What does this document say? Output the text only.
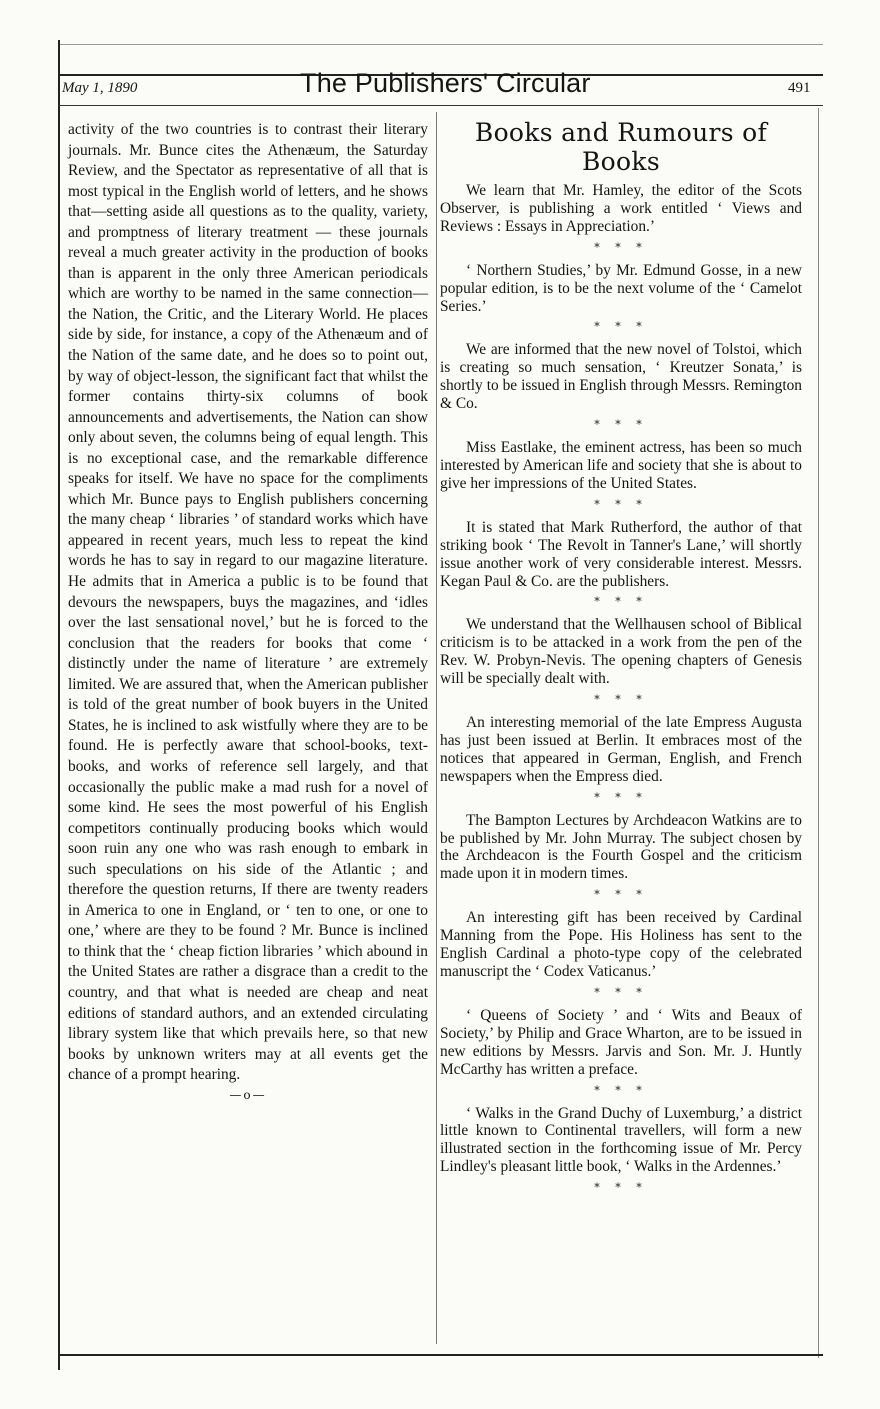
May 1, 1890	The Publishers' Circular	491

activity of the two countries is to contrast their literary journals. Mr. Bunce cites the Athenæum, the Saturday Review, and the Spectator as representative of all that is most typical in the English world of letters, and he shows that—setting aside all questions as to the quality, variety, and promptness of literary treatment — these journals reveal a much greater activity in the production of books than is apparent in the only three American periodicals which are worthy to be named in the same connection—the Nation, the Critic, and the Literary World. He places side by side, for instance, a copy of the Athenæum and of the Nation of the same date, and he does so to point out, by way of object-lesson, the significant fact that whilst the former contains thirty-six columns of book announcements and advertisements, the Nation can show only about seven, the columns being of equal length. This is no exceptional case, and the remarkable difference speaks for itself. We have no space for the compliments which Mr. Bunce pays to English publishers concerning the many cheap ‘ libraries ’ of standard works which have appeared in recent years, much less to repeat the kind words he has to say in regard to our magazine literature. He admits that in America a public is to be found that devours the newspapers, buys the magazines, and ‘idles over the last sensational novel,’ but he is forced to the conclusion that the readers for books that come ‘ distinctly under the name of literature ’ are extremely limited. We are assured that, when the American publisher is told of the great number of book buyers in the United States, he is inclined to ask wistfully where they are to be found. He is perfectly aware that school-books, text-books, and works of reference sell largely, and that occasionally the public make a mad rush for a novel of some kind. He sees the most powerful of his English competitors continually producing books which would soon ruin any one who was rash enough to embark in such speculations on his side of the Atlantic ; and therefore the question returns, If there are twenty readers in America to one in England, or ‘ ten to one, or one to one,’ where are they to be found ? Mr. Bunce is inclined to think that the ‘ cheap fiction libraries ’ which abound in the United States are rather a disgrace than a credit to the country, and that what is needed are cheap and neat editions of standard authors, and an extended circulating library system like that which prevails here, so that new books by unknown writers may at all events get the chance of a prompt hearing.

—o—
Books and Rumours of Books

We learn that Mr. Hamley, the editor of the Scots Observer, is publishing a work entitled ‘ Views and Reviews : Essays in Appreciation.’

* * *

‘ Northern Studies,’ by Mr. Edmund Gosse, in a new popular edition, is to be the next volume of the ‘ Camelot Series.’

* * *

We are informed that the new novel of Tolstoi, which is creating so much sensation, ‘ Kreutzer Sonata,’ is shortly to be issued in English through Messrs. Remington & Co.

* * *

Miss Eastlake, the eminent actress, has been so much interested by American life and society that she is about to give her impressions of the United States.

* * *

It is stated that Mark Rutherford, the author of that striking book ‘ The Revolt in Tanner's Lane,’ will shortly issue another work of very considerable interest. Messrs. Kegan Paul & Co. are the publishers.

* * *

We understand that the Wellhausen school of Biblical criticism is to be attacked in a work from the pen of the Rev. W. Probyn-Nevis. The opening chapters of Genesis will be specially dealt with.

* * *

An interesting memorial of the late Empress Augusta has just been issued at Berlin. It embraces most of the notices that appeared in German, English, and French newspapers when the Empress died.

* * *

The Bampton Lectures by Archdeacon Watkins are to be published by Mr. John Murray. The subject chosen by the Archdeacon is the Fourth Gospel and the criticism made upon it in modern times.

* * *

An interesting gift has been received by Cardinal Manning from the Pope. His Holiness has sent to the English Cardinal a photo-type copy of the celebrated manuscript the ‘ Codex Vaticanus.’

* * *

‘ Queens of Society ’ and ‘ Wits and Beaux of Society,’ by Philip and Grace Wharton, are to be issued in new editions by Messrs. Jarvis and Son. Mr. J. Huntly McCarthy has written a preface.

* * *

‘ Walks in the Grand Duchy of Luxemburg,’ a district little known to Continental travellers, will form a new illustrated section in the forthcoming issue of Mr. Percy Lindley's pleasant little book, ‘ Walks in the Ardennes.’

* * *
